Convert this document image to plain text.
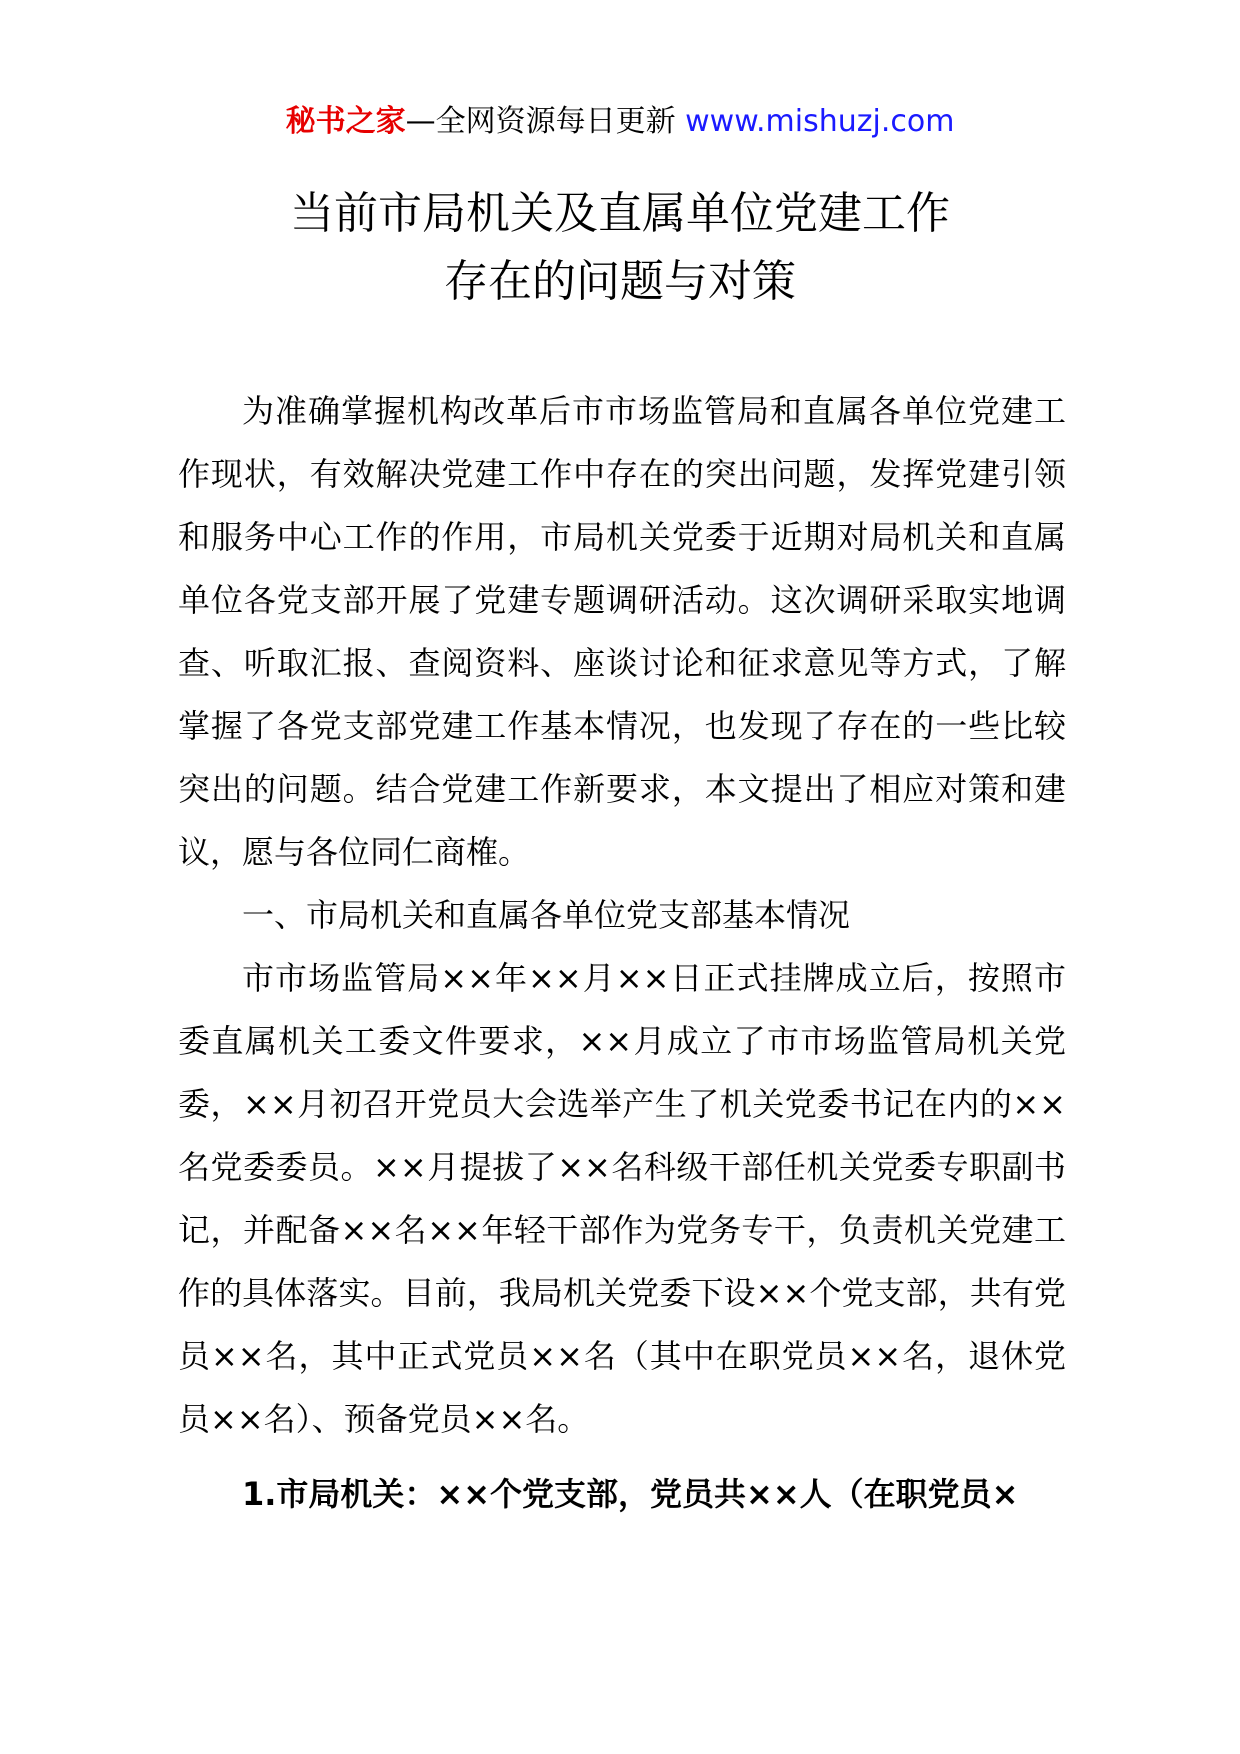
秘书之家—全网资源每日更新 www.mishuzj.com
当前市局机关及直属单位党建工作
存在的问题与对策

为准确掌握机构改革后市市场监管局和直属各单位党建工作现状，有效解决党建工作中存在的突出问题，发挥党建引领和服务中心工作的作用，市局机关党委于近期对局机关和直属单位各党支部开展了党建专题调研活动。这次调研采取实地调查、听取汇报、查阅资料、座谈讨论和征求意见等方式，了解掌握了各党支部党建工作基本情况，也发现了存在的一些比较突出的问题。结合党建工作新要求，本文提出了相应对策和建议，愿与各位同仁商榷。

一、市局机关和直属各单位党支部基本情况

市市场监管局××年××月××日正式挂牌成立后，按照市委直属机关工委文件要求，××月成立了市市场监管局机关党委，××月初召开党员大会选举产生了机关党委书记在内的××名党委委员。××月提拔了××名科级干部任机关党委专职副书记，并配备××名××年轻干部作为党务专干，负责机关党建工作的具体落实。目前，我局机关党委下设××个党支部，共有党员××名，其中正式党员××名（其中在职党员××名，退休党员××名）、预备党员××名。

1.市局机关：××个党支部，党员共××人（在职党员×
